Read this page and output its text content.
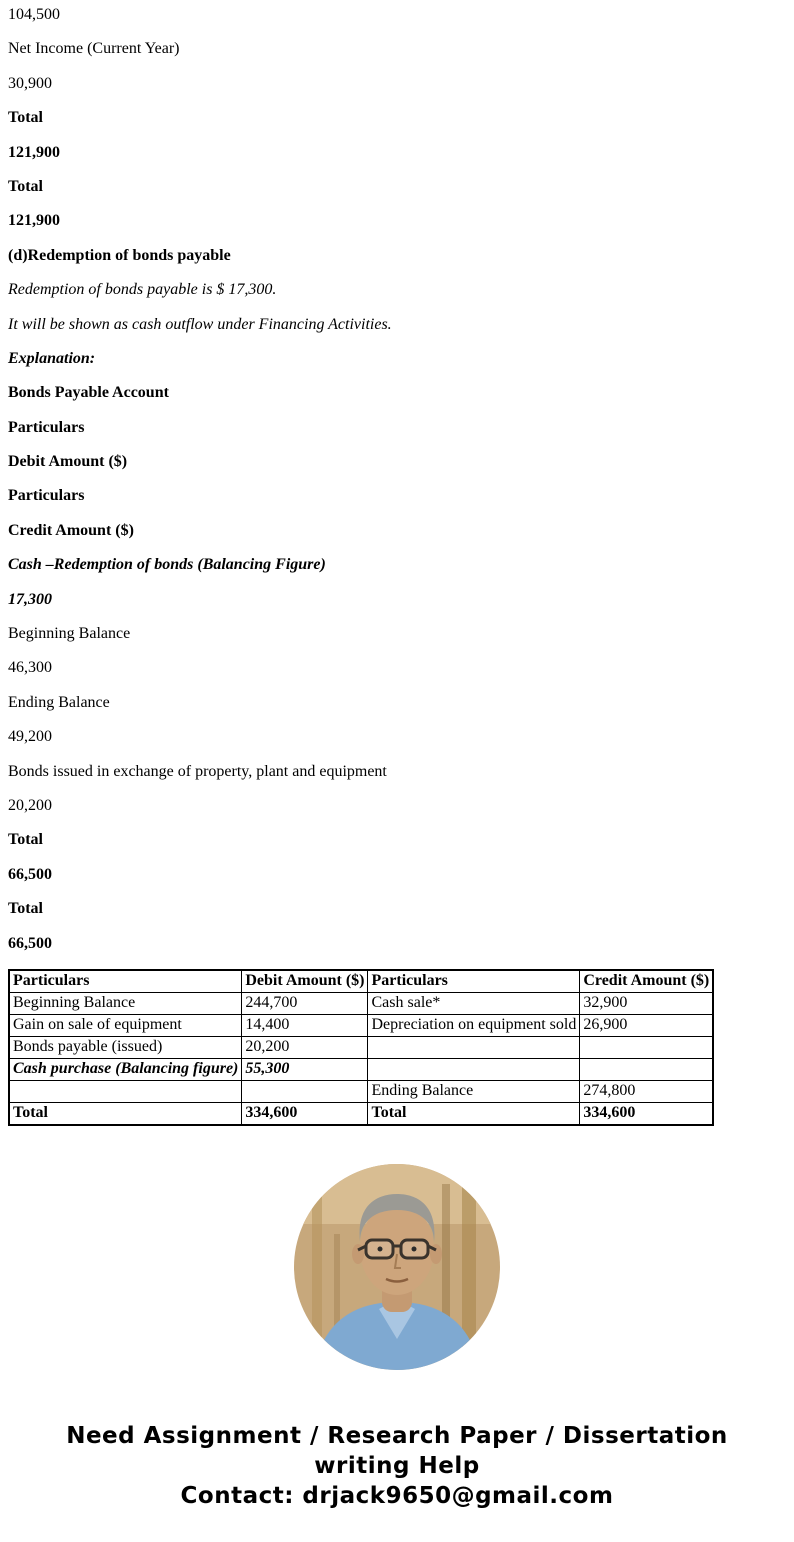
104,500

Net Income (Current Year)

30,900

Total

121,900

Total

121,900

(d)Redemption of bonds payable

Redemption of bonds payable is $ 17,300.

It will be shown as cash outflow under Financing Activities.

Explanation:

Bonds Payable Account

Particulars

Debit Amount ($)

Particulars

Credit Amount ($)

Cash –Redemption of bonds (Balancing Figure)

17,300

Beginning Balance

46,300

Ending Balance

49,200

Bonds issued in exchange of property, plant and equipment

20,200

Total

66,500

Total

66,500

Particulars	Debit Amount ($)	Particulars	Credit Amount ($)
Beginning Balance	244,700	Cash sale*	32,900
Gain on sale of equipment	14,400	Depreciation on equipment sold	26,900
Bonds payable (issued)	20,200		
Cash purchase (Balancing figure)	55,300		
		Ending Balance	274,800
Total	334,600	Total	334,600

Need Assignment / Research Paper / Dissertation writing Help

Contact: drjack9650@gmail.com
